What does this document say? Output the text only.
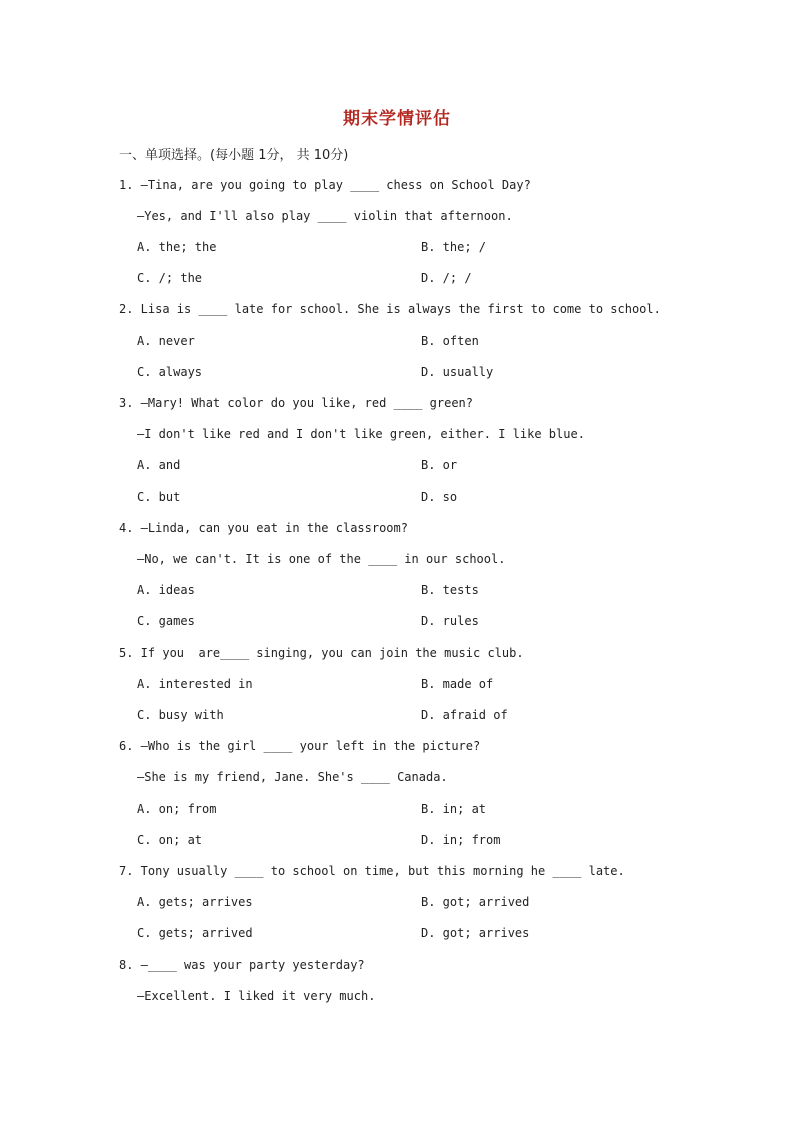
期末学情评估
一、单项选择。(每小题 1分， 共 10分)
1. —Tina, are you going to play ____ chess on School Day?
—Yes, and I'll also play ____ violin that afternoon.
A. the; the	B. the; /
C. /; the	D. /; /
2. Lisa is ____ late for school. She is always the first to come to school.
A. never	B. often
C. always	D. usually
3. —Mary! What color do you like, red ____ green?
—I don't like red and I don't like green, either. I like blue.
A. and	B. or
C. but	D. so
4. —Linda, can you eat in the classroom?
—No, we can't. It is one of the ____ in our school.
A. ideas	B. tests
C. games	D. rules
5. If you  are____ singing, you can join the music club.
A. interested in	B. made of
C. busy with	D. afraid of
6. —Who is the girl ____ your left in the picture?
—She is my friend, Jane. She's ____ Canada.
A. on; from	B. in; at
C. on; at	D. in; from
7. Tony usually ____ to school on time, but this morning he ____ late.
A. gets; arrives	B. got; arrived
C. gets; arrived	D. got; arrives
8. —____ was your party yesterday?
—Excellent. I liked it very much.
